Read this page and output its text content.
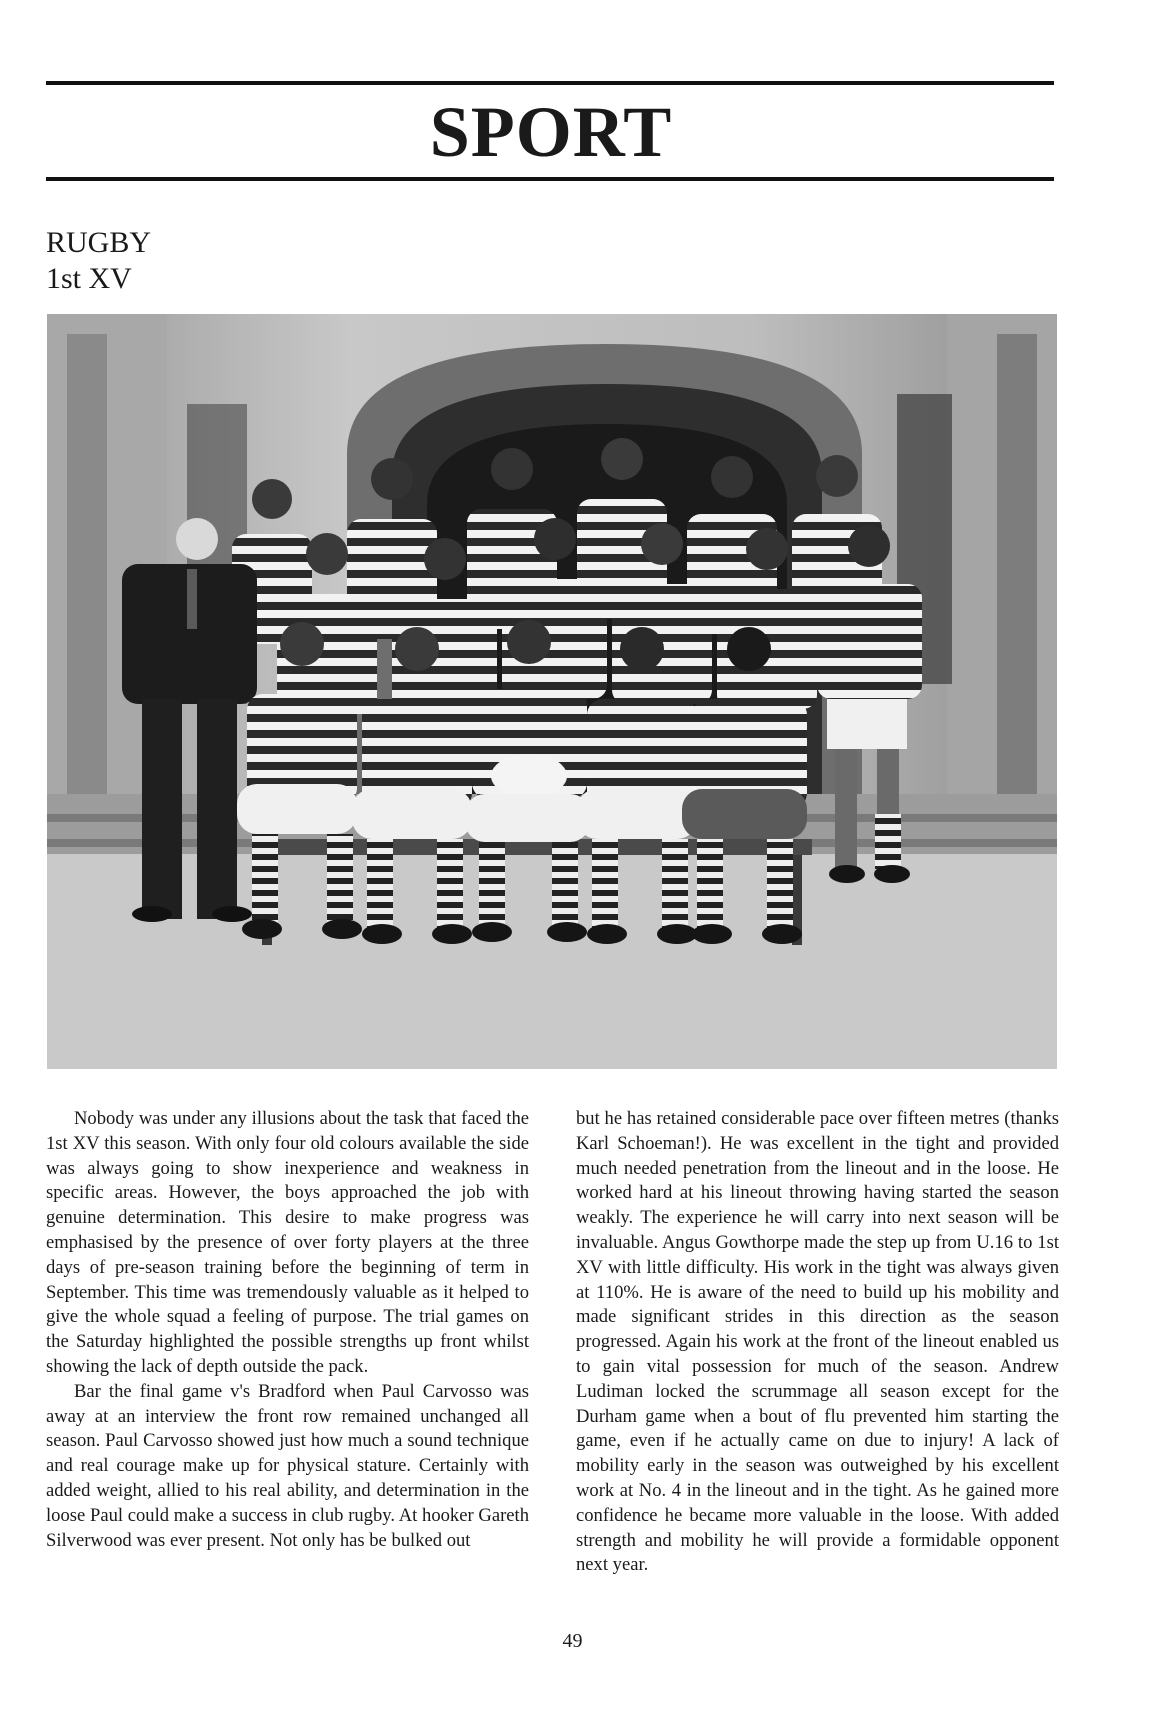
SPORT
RUGBY
1st XV

Nobody was under any illusions about the task that faced the 1st XV this season. With only four old colours available the side was always going to show inexperience and weakness in specific areas. However, the boys approached the job with genuine determination. This desire to make progress was emphasised by the presence of over forty players at the three days of pre-season training before the beginning of term in September. This time was tremendously valuable as it helped to give the whole squad a feeling of purpose. The trial games on the Saturday highlighted the possible strengths up front whilst showing the lack of depth outside the pack.

Bar the final game v's Bradford when Paul Carvosso was away at an interview the front row remained unchanged all season. Paul Carvosso showed just how much a sound technique and real courage make up for physical stature. Certainly with added weight, allied to his real ability, and determination in the loose Paul could make a success in club rugby. At hooker Gareth Silverwood was ever present. Not only has be bulked out

but he has retained considerable pace over fifteen metres (thanks Karl Schoeman!). He was excellent in the tight and provided much needed penetration from the lineout and in the loose. He worked hard at his lineout throwing having started the season weakly. The experience he will carry into next season will be invaluable. Angus Gowthorpe made the step up from U.16 to 1st XV with little difficulty. His work in the tight was always given at 110%. He is aware of the need to build up his mobility and made significant strides in this direction as the season progressed. Again his work at the front of the lineout enabled us to gain vital possession for much of the season. Andrew Ludiman locked the scrummage all season except for the Durham game when a bout of flu prevented him starting the game, even if he actually came on due to injury! A lack of mobility early in the season was outweighed by his excellent work at No. 4 in the lineout and in the tight. As he gained more confidence he became more valuable in the loose. With added strength and mobility he will provide a formidable opponent next year.

49
